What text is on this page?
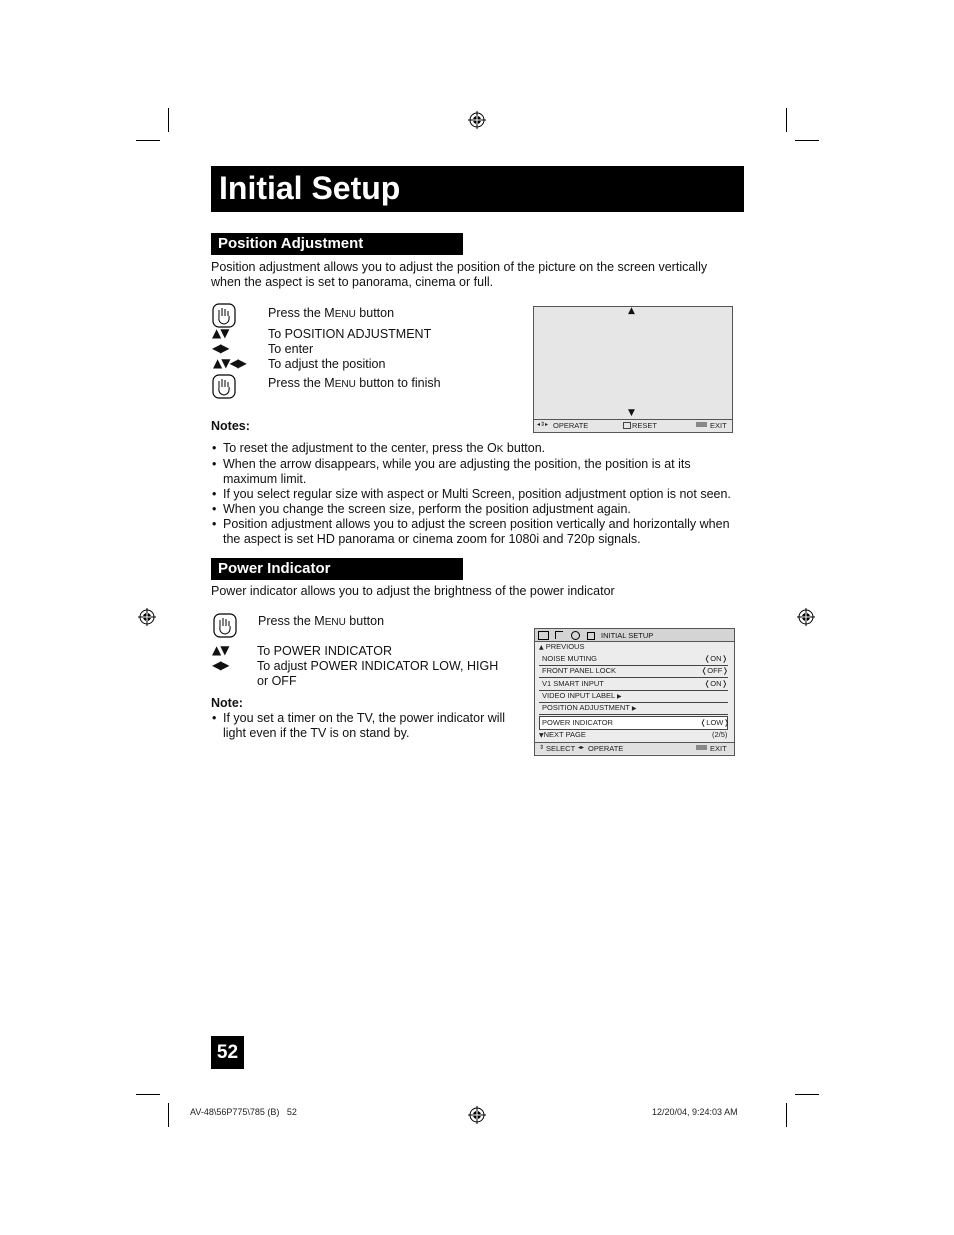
Initial Setup
Position Adjustment
Position adjustment allows you to adjust the position of the picture on the screen vertically
when the aspect is set to panorama, cinema or full.
Press the MENU button
▲▼	To POSITION ADJUSTMENT
◀▶	To enter
▲▼◀▶ To adjust the position
Press the MENU button to finish
▲
▼
◂⇕▸ OPERATE	RESET	EXIT
Notes:
• To reset the adjustment to the center, press the OK button.
• When the arrow disappears, while you are adjusting the position, the position is at its
maximum limit.
• If you select regular size with aspect or Multi Screen, position adjustment option is not seen.
• When you change the screen size, perform the position adjustment again.
• Position adjustment allows you to adjust the screen position vertically and horizontally when
the aspect is set HD panorama or cinema zoom for 1080i and 720p signals.
Power Indicator
Power indicator allows you to adjust the brightness of the power indicator
Press the MENU button
▲▼ To POWER INDICATOR
◀▶ To adjust POWER INDICATOR LOW, HIGH
or OFF
Note:
• If you set a timer on the TV, the power indicator will
light even if the TV is on stand by.
INITIAL SETUP
▲ PREVIOUS
NOISE MUTING	❬ON❭
FRONT PANEL LOCK	❬OFF❭
V1 SMART INPUT	❬ON❭
VIDEO INPUT LABEL ▶
POSITION ADJUSTMENT ▶
POWER INDICATOR	❬LOW❭
▼NEXT PAGE	(2/5)
⇕ SELECT ◂▸ OPERATE	EXIT
52
AV-48\56P775\785 (B)   52	12/20/04, 9:24:03 AM
